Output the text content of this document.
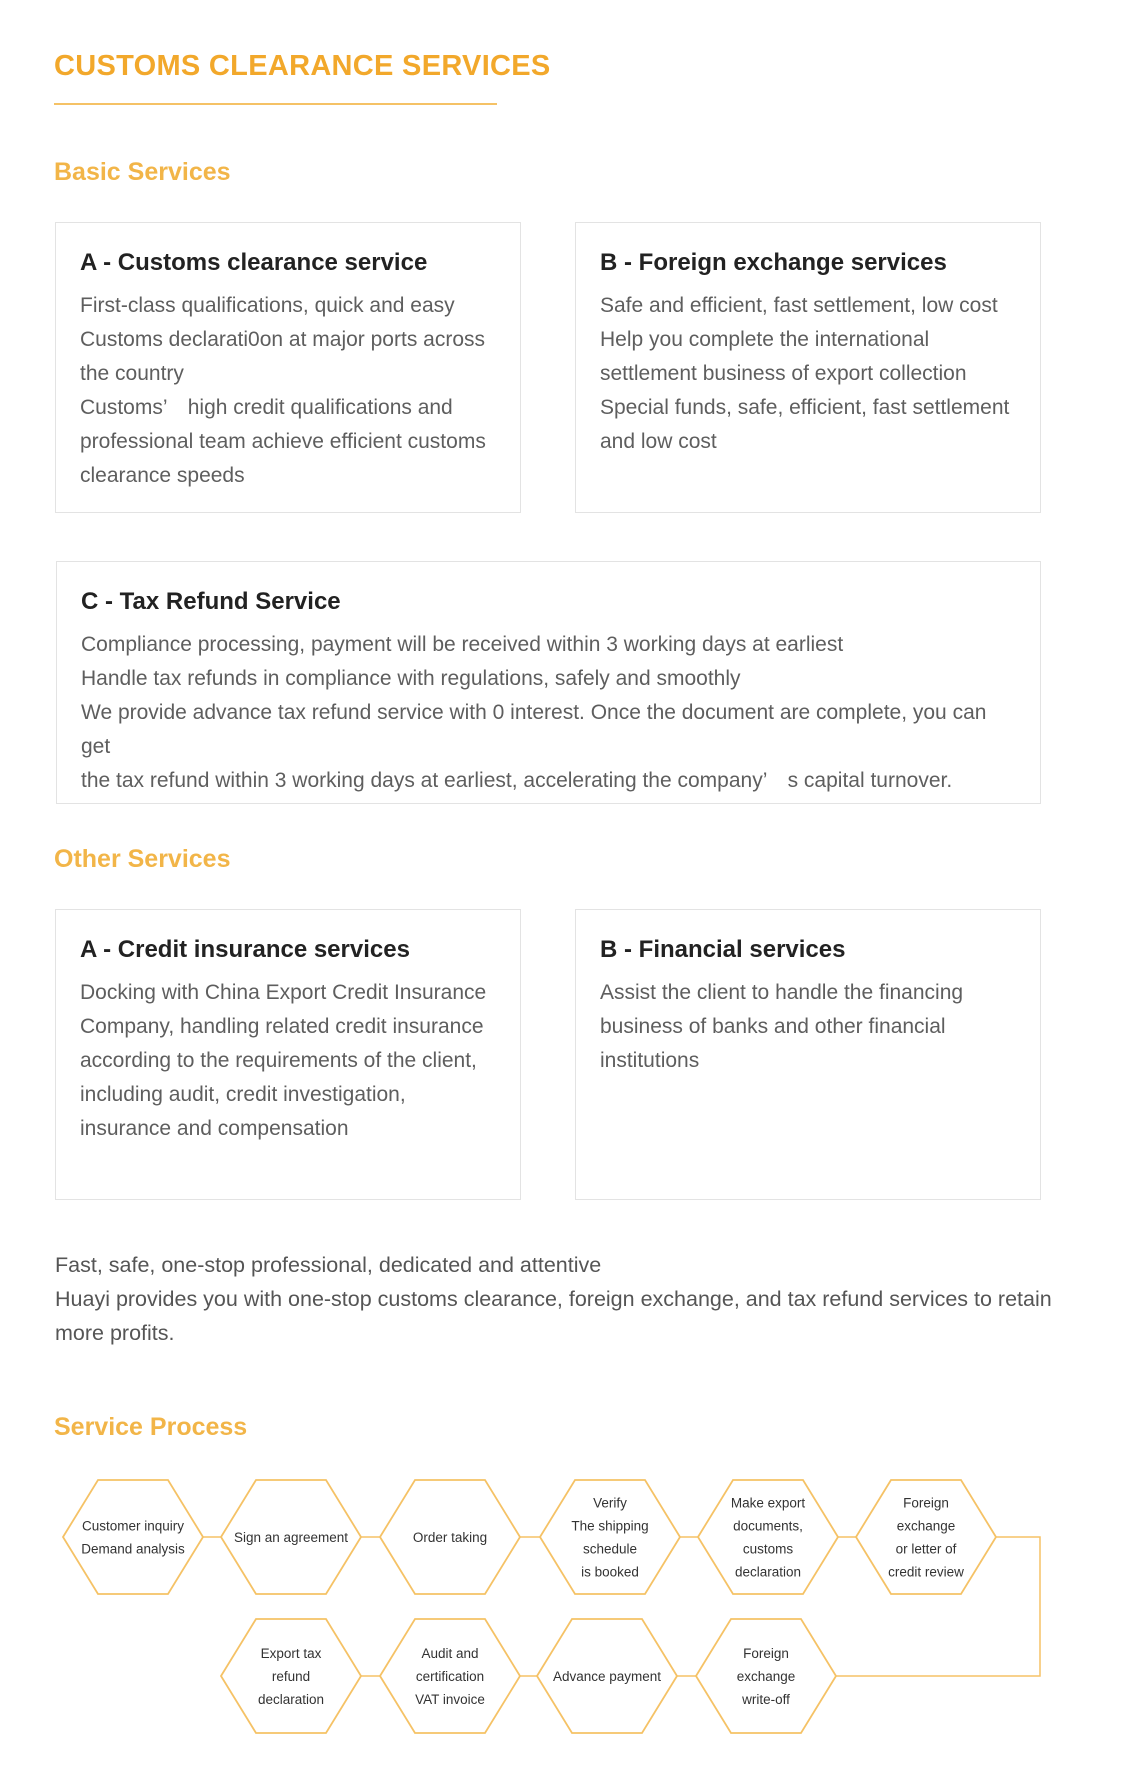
CUSTOMS CLEARANCE SERVICES
Basic Services
A - Customs clearance service
First-class qualifications, quick and easy
Customs declarati0on at major ports across
the country
Customs’　high credit qualifications and
professional team achieve efficient customs
clearance speeds
B - Foreign exchange services
Safe and efficient, fast settlement, low cost
Help you complete the international
settlement business of export collection
Special funds, safe, efficient, fast settlement
and low cost
C - Tax Refund Service
Compliance processing, payment will be received within 3 working days at earliest
Handle tax refunds in compliance with regulations, safely and smoothly
We provide advance tax refund service with 0 interest. Once the document are complete, you can get
the tax refund within 3 working days at earliest, accelerating the company’　s capital turnover.
Other Services
A - Credit insurance services
Docking with China Export Credit Insurance
Company, handling related credit insurance
according to the requirements of the client,
including audit, credit investigation,
insurance and compensation
B - Financial services
Assist the client to handle the financing
business of banks and other financial
institutions
Fast, safe, one-stop professional, dedicated and attentive
Huayi provides you with one-stop customs clearance, foreign exchange, and tax refund services to retain
more profits.
Service Process
Customer inquiry
Demand analysis
Sign an agreement	Order taking
Verify
The shipping
schedule
is booked
Make export
documents,
customs
declaration
Foreign
exchange
or letter of
credit review
Foreign
exchange
write-off
Advance payment
Audit and
certification
VAT invoice
Export tax
refund
declaration
